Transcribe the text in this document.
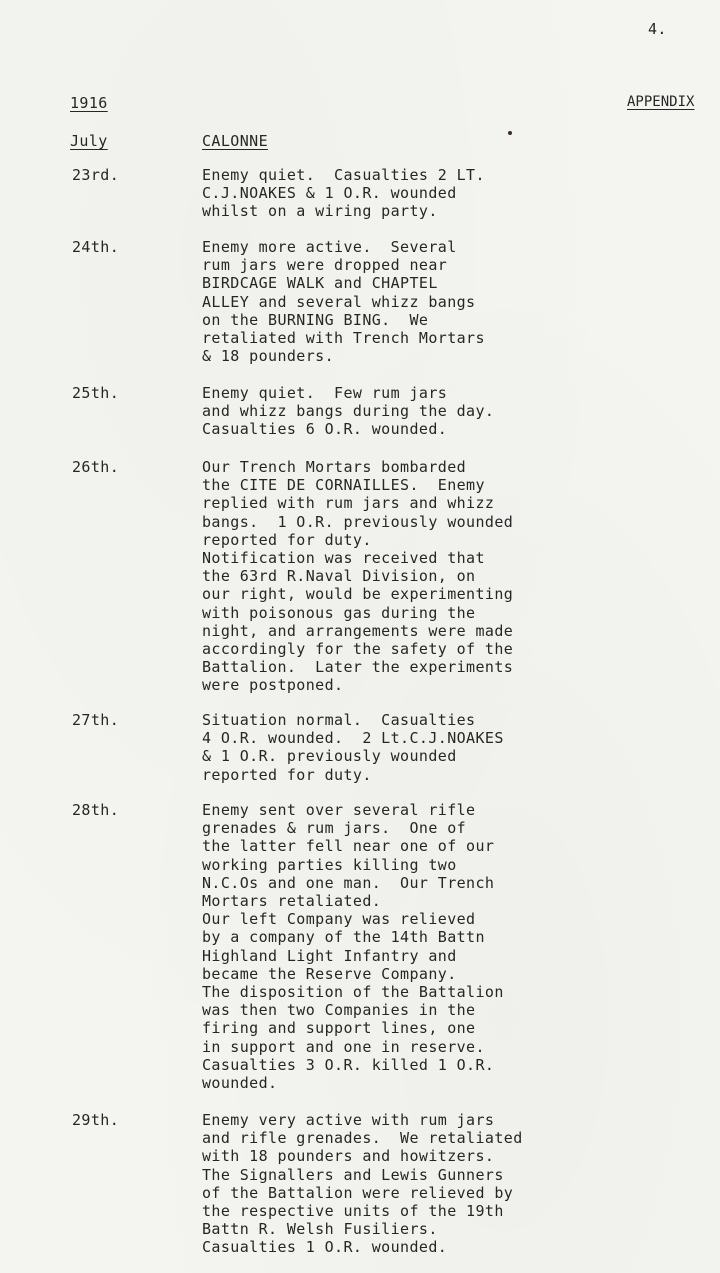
4.
1916	APPENDIX
July	CALONNE
23rd.	Enemy quiet.  Casualties 2 LT.
C.J.NOAKES & 1 O.R. wounded
whilst on a wiring party.
24th.	Enemy more active.  Several
rum jars were dropped near
BIRDCAGE WALK and CHAPTEL
ALLEY and several whizz bangs
on the BURNING BING.  We
retaliated with Trench Mortars
& 18 pounders.
25th.	Enemy quiet.  Few rum jars
and whizz bangs during the day.
Casualties 6 O.R. wounded.
26th.	Our Trench Mortars bombarded
the CITE DE CORNAILLES.  Enemy
replied with rum jars and whizz
bangs.  1 O.R. previously wounded
reported for duty.
Notification was received that
the 63rd R.Naval Division, on
our right, would be experimenting
with poisonous gas during the
night, and arrangements were made
accordingly for the safety of the
Battalion.  Later the experiments
were postponed.
27th.	Situation normal.  Casualties
4 O.R. wounded.  2 Lt.C.J.NOAKES
& 1 O.R. previously wounded
reported for duty.
28th.	Enemy sent over several rifle
grenades & rum jars.  One of
the latter fell near one of our
working parties killing two
N.C.Os and one man.  Our Trench
Mortars retaliated.
Our left Company was relieved
by a company of the 14th Battn
Highland Light Infantry and
became the Reserve Company.
The disposition of the Battalion
was then two Companies in the
firing and support lines, one
in support and one in reserve.
Casualties 3 O.R. killed 1 O.R.
wounded.
29th.	Enemy very active with rum jars
and rifle grenades.  We retaliated
with 18 pounders and howitzers.
The Signallers and Lewis Gunners
of the Battalion were relieved by
the respective units of the 19th
Battn R. Welsh Fusiliers.
Casualties 1 O.R. wounded.
